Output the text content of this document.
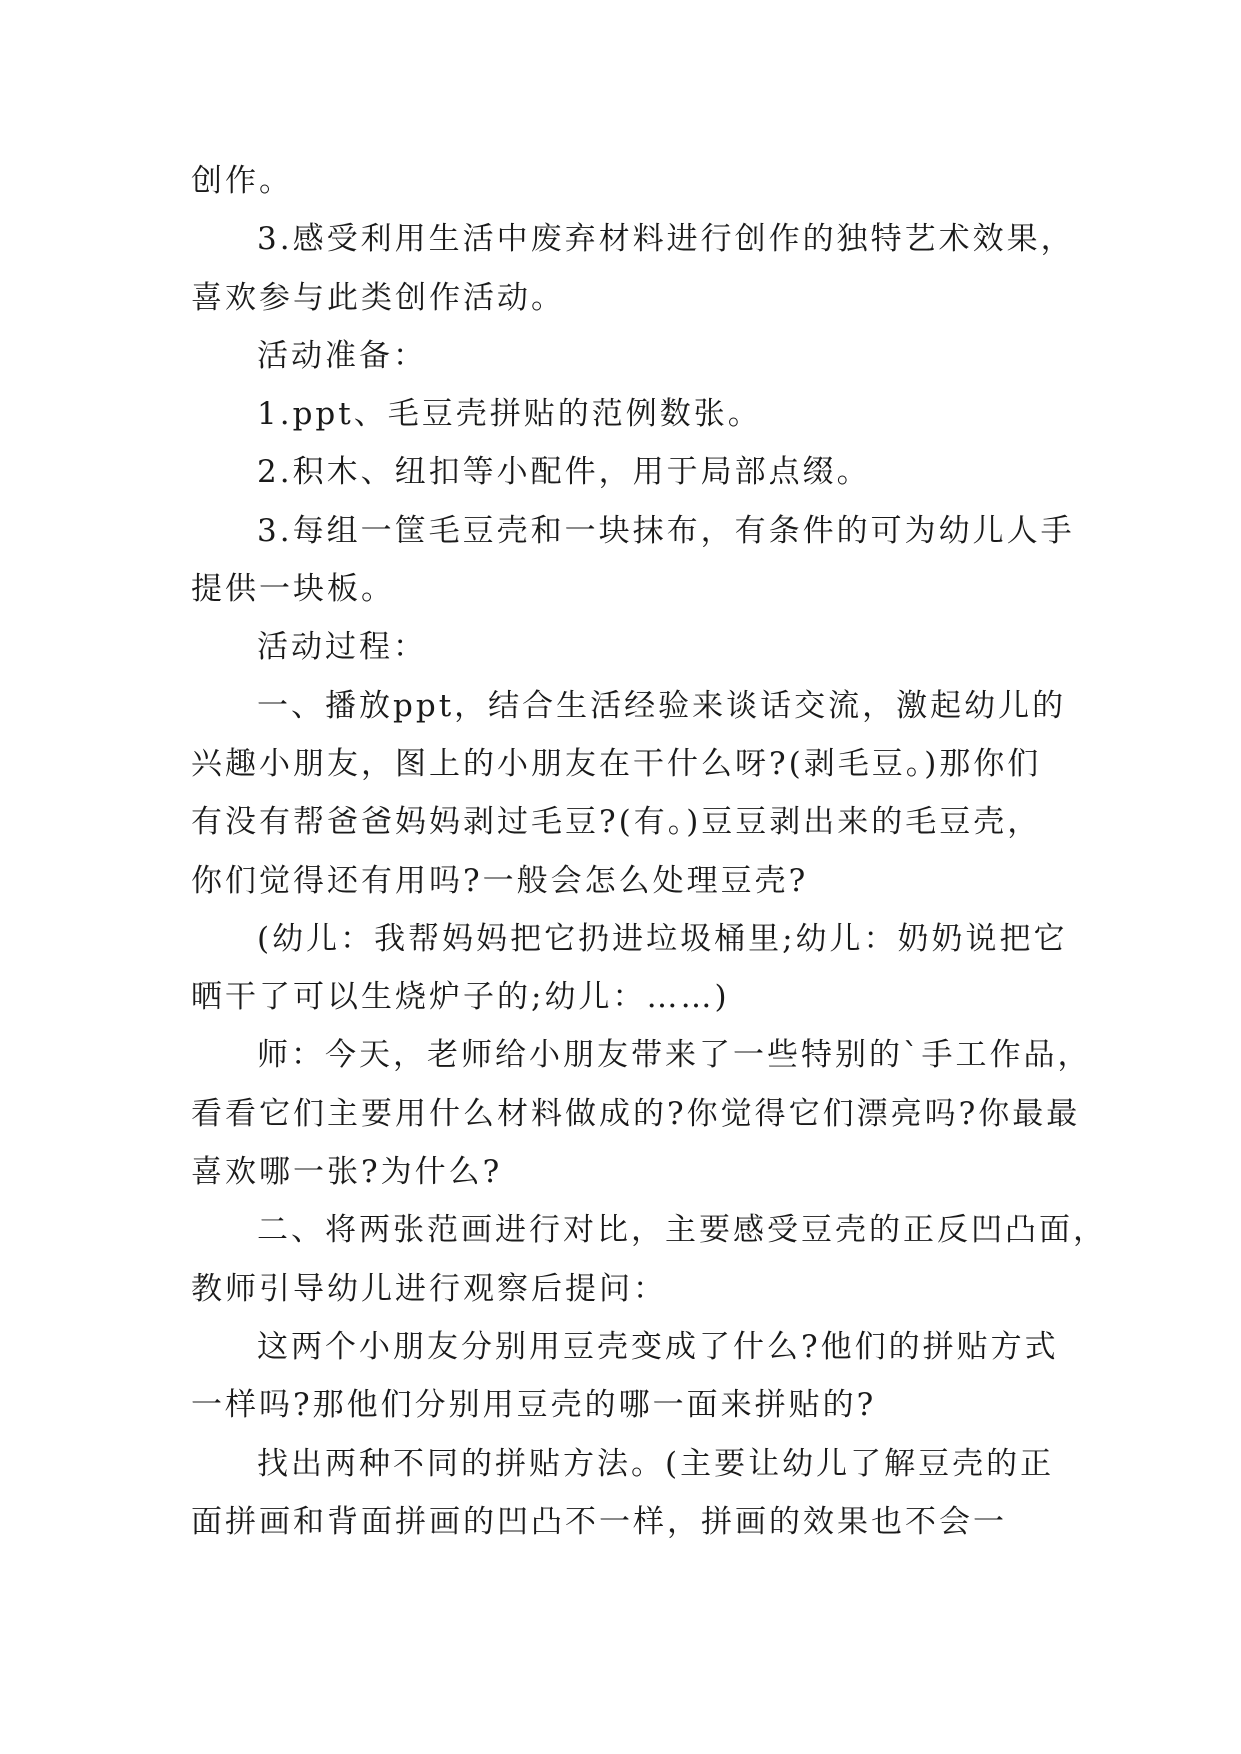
创作。

3.感受利用生活中废弃材料进行创作的独特艺术效果，
喜欢参与此类创作活动。

活动准备：

1.ppt、毛豆壳拼贴的范例数张。

2.积木、纽扣等小配件，用于局部点缀。

3.每组一筐毛豆壳和一块抹布，有条件的可为幼儿人手
提供一块板。

活动过程：

一、播放ppt，结合生活经验来谈话交流，激起幼儿的
兴趣小朋友，图上的小朋友在干什么呀?(剥毛豆。)那你们
有没有帮爸爸妈妈剥过毛豆?(有。)豆豆剥出来的毛豆壳，
你们觉得还有用吗?一般会怎么处理豆壳?

(幼儿：我帮妈妈把它扔进垃圾桶里;幼儿：奶奶说把它
晒干了可以生烧炉子的;幼儿：……)

师：今天，老师给小朋友带来了一些特别的`手工作品，
看看它们主要用什么材料做成的?你觉得它们漂亮吗?你最最
喜欢哪一张?为什么?

二、将两张范画进行对比，主要感受豆壳的正反凹凸面，
教师引导幼儿进行观察后提问：

这两个小朋友分别用豆壳变成了什么?他们的拼贴方式
一样吗?那他们分别用豆壳的哪一面来拼贴的?

找出两种不同的拼贴方法。(主要让幼儿了解豆壳的正
面拼画和背面拼画的凹凸不一样，拼画的效果也不会一
